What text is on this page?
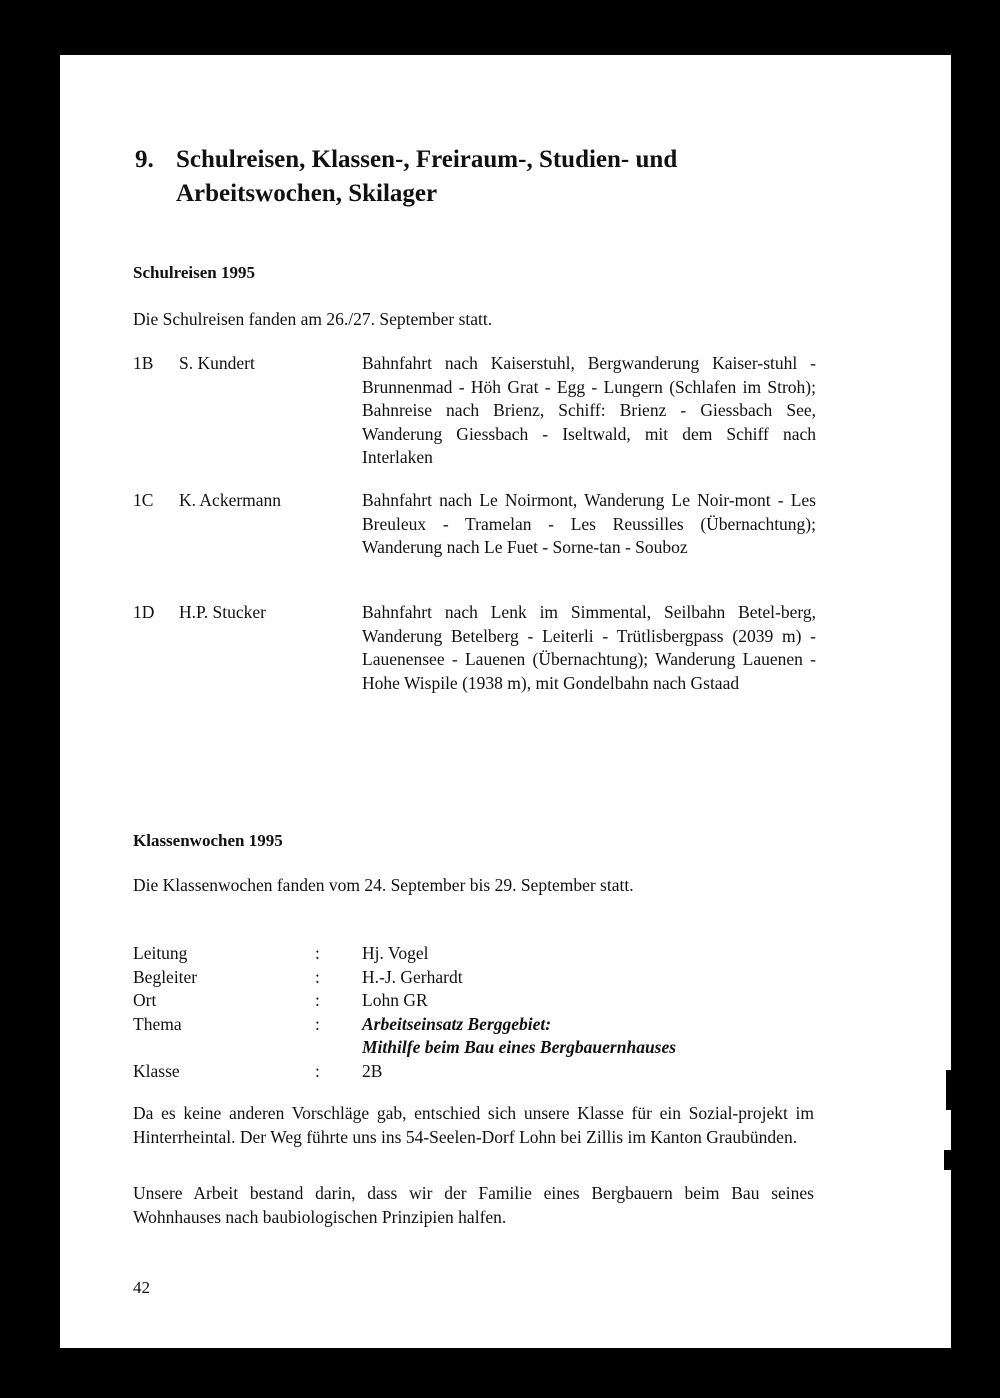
9. Schulreisen, Klassen-, Freiraum-, Studien- und Arbeitswochen, Skilager
Schulreisen 1995

Die Schulreisen fanden am 26./27. September statt.

1B S. Kundert	Bahnfahrt nach Kaiserstuhl, Bergwanderung Kaiser-stuhl - Brunnenmad - Höh Grat - Egg - Lungern (Schlafen im Stroh); Bahnreise nach Brienz, Schiff: Brienz - Giessbach See, Wanderung Giessbach - Iseltwald, mit dem Schiff nach Interlaken
1C K. Ackermann	Bahnfahrt nach Le Noirmont, Wanderung Le Noir-mont - Les Breuleux - Tramelan - Les Reussilles (Übernachtung); Wanderung nach Le Fuet - Sorne-tan - Souboz
1D H.P. Stucker	Bahnfahrt nach Lenk im Simmental, Seilbahn Betel-berg, Wanderung Betelberg - Leiterli - Trütlisbergpass (2039 m) - Lauenensee - Lauenen (Übernachtung); Wanderung Lauenen - Hohe Wispile (1938 m), mit Gondelbahn nach Gstaad
Klassenwochen 1995

Die Klassenwochen fanden vom 24. September bis 29. September statt.

Leitung	: Hj. Vogel
Begleiter	: H.-J. Gerhardt
Ort	: Lohn GR
Thema	: Arbeitseinsatz Berggebiet:
Mithilfe beim Bau eines Bergbauernhauses
Klasse	: 2B

Da es keine anderen Vorschläge gab, entschied sich unsere Klasse für ein Sozial-projekt im Hinterrheintal. Der Weg führte uns ins 54-Seelen-Dorf Lohn bei Zillis im Kanton Graubünden.

Unsere Arbeit bestand darin, dass wir der Familie eines Bergbauern beim Bau seines Wohnhauses nach baubiologischen Prinzipien halfen.

42
